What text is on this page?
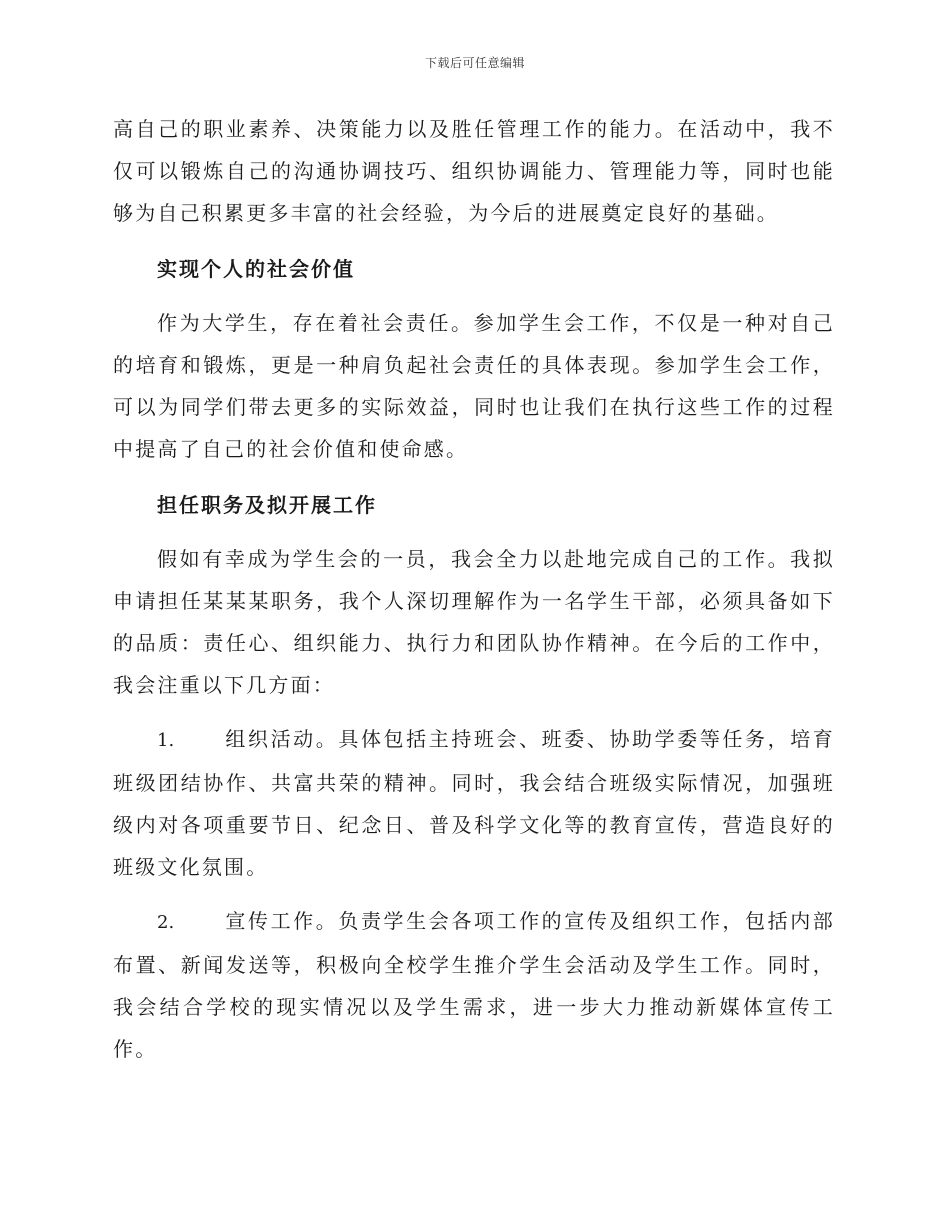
下载后可任意编辑

高自己的职业素养、决策能力以及胜任管理工作的能力。在活动中，我不仅可以锻炼自己的沟通协调技巧、组织协调能力、管理能力等，同时也能够为自己积累更多丰富的社会经验，为今后的进展奠定良好的基础。

实现个人的社会价值

作为大学生，存在着社会责任。参加学生会工作，不仅是一种对自己的培育和锻炼，更是一种肩负起社会责任的具体表现。参加学生会工作，可以为同学们带去更多的实际效益，同时也让我们在执行这些工作的过程中提高了自己的社会价值和使命感。

担任职务及拟开展工作

假如有幸成为学生会的一员，我会全力以赴地完成自己的工作。我拟申请担任某某某职务，我个人深切理解作为一名学生干部，必须具备如下的品质：责任心、组织能力、执行力和团队协作精神。在今后的工作中，我会注重以下几方面：

1.	组织活动。具体包括主持班会、班委、协助学委等任务，培育班级团结协作、共富共荣的精神。同时，我会结合班级实际情况，加强班级内对各项重要节日、纪念日、普及科学文化等的教育宣传，营造良好的班级文化氛围。

2.	宣传工作。负责学生会各项工作的宣传及组织工作，包括内部布置、新闻发送等，积极向全校学生推介学生会活动及学生工作。同时，我会结合学校的现实情况以及学生需求，进一步大力推动新媒体宣传工作。
